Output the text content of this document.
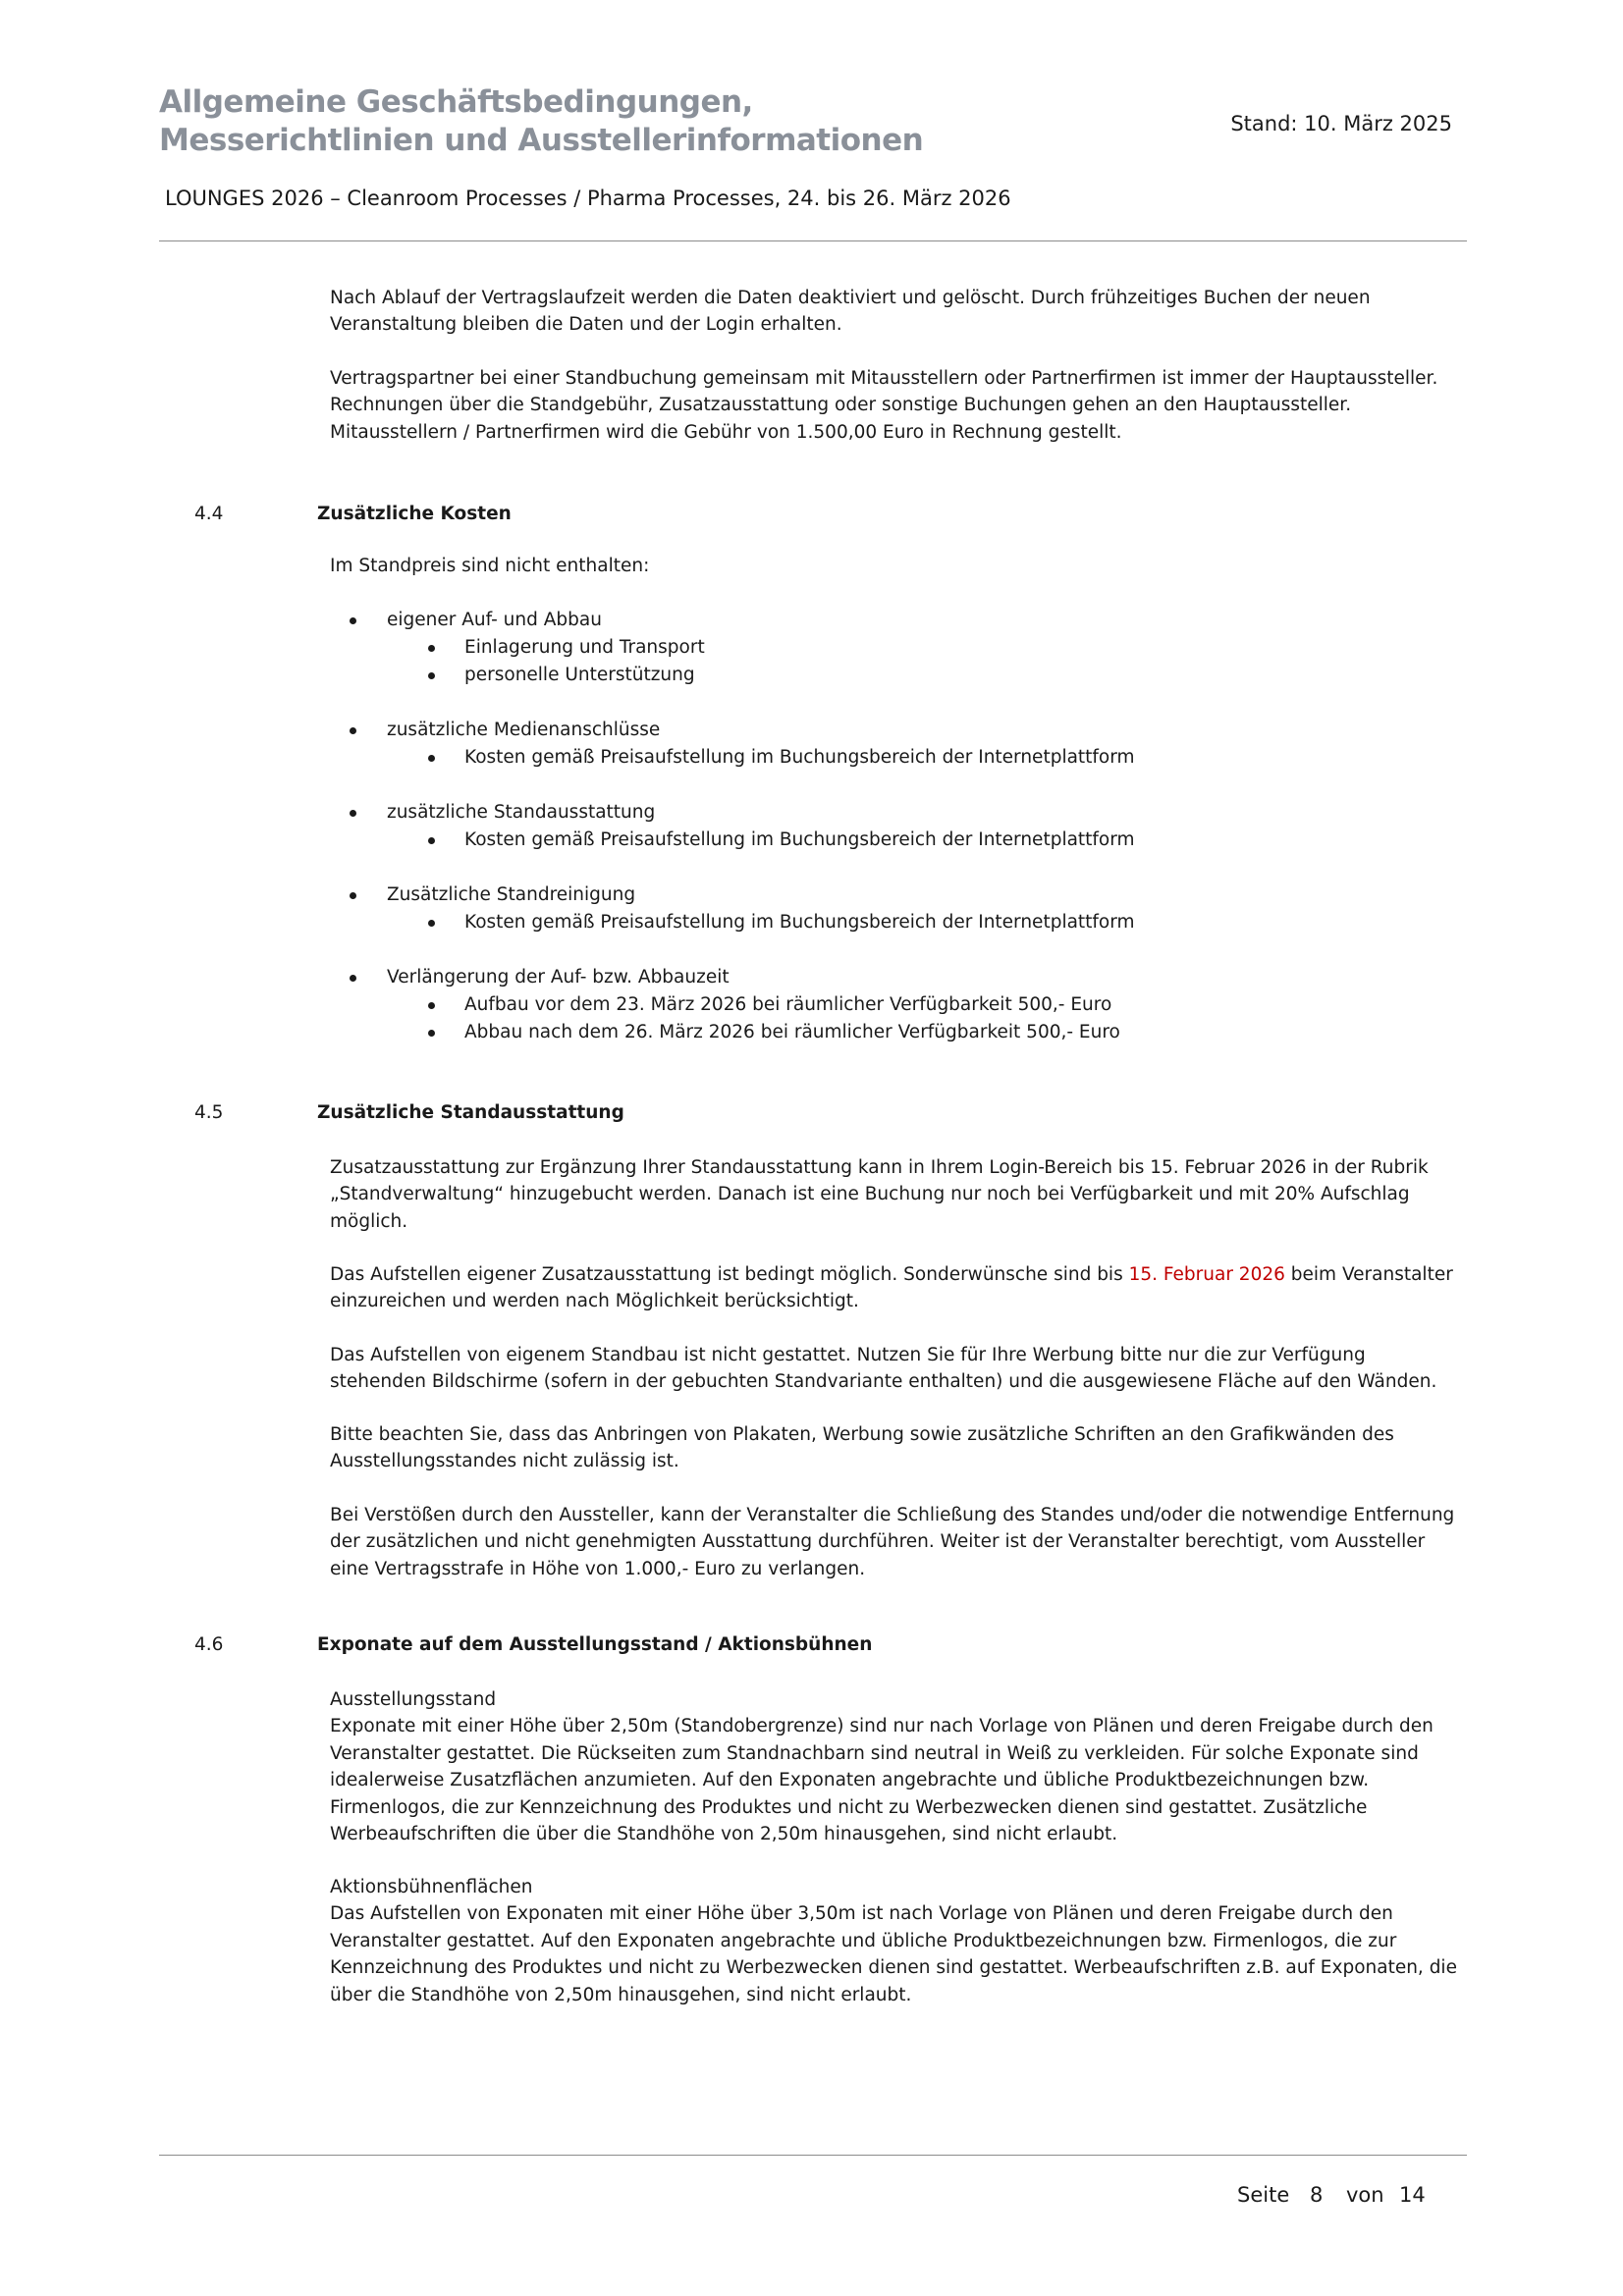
Allgemeine Geschäftsbedingungen,
Messerichtlinien und Ausstellerinformationen	Stand: 10. März 2025
LOUNGES 2026 – Cleanroom Processes / Pharma Processes, 24. bis 26. März 2026

Nach Ablauf der Vertragslaufzeit werden die Daten deaktiviert und gelöscht. Durch frühzeitiges Buchen der neuen Veranstaltung bleiben die Daten und der Login erhalten.

Vertragspartner bei einer Standbuchung gemeinsam mit Mitausstellern oder Partnerfirmen ist immer der Hauptaussteller. Rechnungen über die Standgebühr, Zusatzausstattung oder sonstige Buchungen gehen an den Hauptaussteller. Mitausstellern / Partnerfirmen wird die Gebühr von 1.500,00 Euro in Rechnung gestellt.

4.4	Zusätzliche Kosten

Im Standpreis sind nicht enthalten:

eigener Auf- und Abbau
Einlagerung und Transport
personelle Unterstützung
zusätzliche Medienanschlüsse
Kosten gemäß Preisaufstellung im Buchungsbereich der Internetplattform
zusätzliche Standausstattung
Kosten gemäß Preisaufstellung im Buchungsbereich der Internetplattform
Zusätzliche Standreinigung
Kosten gemäß Preisaufstellung im Buchungsbereich der Internetplattform
Verlängerung der Auf- bzw. Abbauzeit
Aufbau vor dem 23. März 2026 bei räumlicher Verfügbarkeit 500,- Euro
Abbau nach dem 26. März 2026 bei räumlicher Verfügbarkeit 500,- Euro
4.5	Zusätzliche Standausstattung

Zusatzausstattung zur Ergänzung Ihrer Standausstattung kann in Ihrem Login-Bereich bis 15. Februar 2026 in der Rubrik „Standverwaltung“ hinzugebucht werden. Danach ist eine Buchung nur noch bei Verfügbarkeit und mit 20% Aufschlag möglich.

Das Aufstellen eigener Zusatzausstattung ist bedingt möglich. Sonderwünsche sind bis 15. Februar 2026 beim Veranstalter einzureichen und werden nach Möglichkeit berücksichtigt.

Das Aufstellen von eigenem Standbau ist nicht gestattet. Nutzen Sie für Ihre Werbung bitte nur die zur Verfügung stehenden Bildschirme (sofern in der gebuchten Standvariante enthalten) und die ausgewiesene Fläche auf den Wänden.

Bitte beachten Sie, dass das Anbringen von Plakaten, Werbung sowie zusätzliche Schriften an den Grafikwänden des Ausstellungsstandes nicht zulässig ist.

Bei Verstößen durch den Aussteller, kann der Veranstalter die Schließung des Standes und/oder die notwendige Entfernung der zusätzlichen und nicht genehmigten Ausstattung durchführen. Weiter ist der Veranstalter berechtigt, vom Aussteller eine Vertragsstrafe in Höhe von 1.000,- Euro zu verlangen.

4.6	Exponate auf dem Ausstellungsstand / Aktionsbühnen

Ausstellungsstand

Exponate mit einer Höhe über 2,50m (Standobergrenze) sind nur nach Vorlage von Plänen und deren Freigabe durch den Veranstalter gestattet. Die Rückseiten zum Standnachbarn sind neutral in Weiß zu verkleiden. Für solche Exponate sind idealerweise Zusatzflächen anzumieten. Auf den Exponaten angebrachte und übliche Produktbezeichnungen bzw. Firmenlogos, die zur Kennzeichnung des Produktes und nicht zu Werbezwecken dienen sind gestattet. Zusätzliche Werbeaufschriften die über die Standhöhe von 2,50m hinausgehen, sind nicht erlaubt.

Aktionsbühnenflächen

Das Aufstellen von Exponaten mit einer Höhe über 3,50m ist nach Vorlage von Plänen und deren Freigabe durch den Veranstalter gestattet. Auf den Exponaten angebrachte und übliche Produktbezeichnungen bzw. Firmenlogos, die zur Kennzeichnung des Produktes und nicht zu Werbezwecken dienen sind gestattet. Werbeaufschriften z.B. auf Exponaten, die über die Standhöhe von 2,50m hinausgehen, sind nicht erlaubt.

Seite 8 von 14
